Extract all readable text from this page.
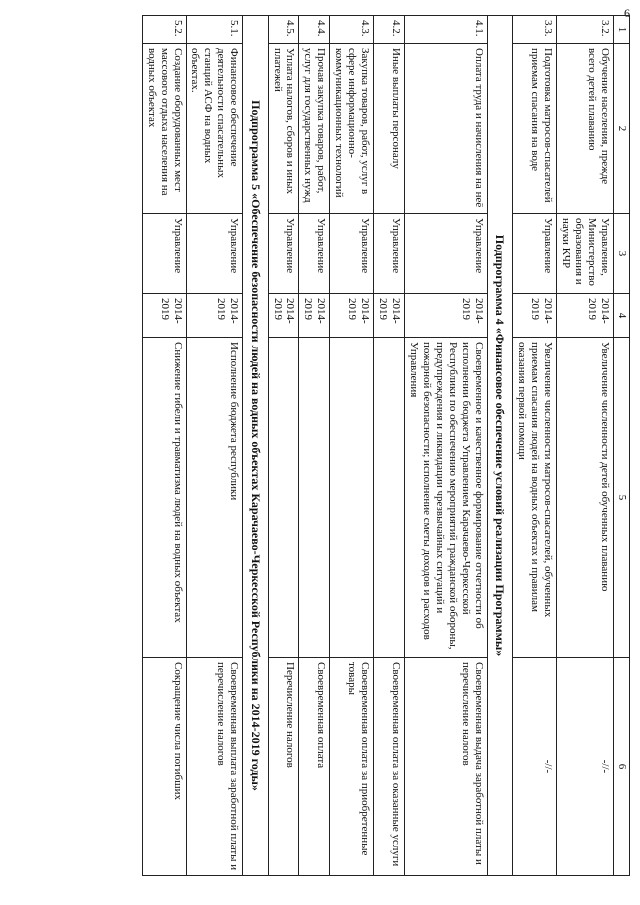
6
1	2	3	4	5	6
3.2.	Обучение населения, прежде всего детей плаванию	Управление, Министерство образования и науки КЧР	2014-2019	Увеличение численности детей обученных плаванию	-//-
3.3.	Подготовка матросов-спасателей приемам спасания на воде	Управление	2014-2019	Увеличение численности матросов-спасателей, обученных приемам спасания людей на водных объектах и правилам оказания первой помощи	-//-
Подпрограмма 4 «Финансовое обеспечение условий реализации Программы»					
4.1.	Оплата труда и начисления на неё	Управление	2014-2019	Своевременное и качественное формирование отчетности об исполнении бюджета Управлением Карачаево-Черкесской Республики по обеспечению мероприятий гражданской обороны, предупреждения и ликвидации чрезвычайных ситуаций и пожарной безопасности; исполнение сметы доходов и расходов Управления	Своевременная выдача заработной платы и перечисление налогов
4.2.	Иные выплаты персоналу	Управление	2014-2019		Своевременная оплата за оказанные услуги
4.3.	Закупка товаров, работ, услуг в сфере информационно-коммуникационных технологий	Управление	2014-2019		Своевременная оплата за приобретенные товары
4.4.	Прочая закупка товаров, работ, услуг для государственных нужд	Управление	2014-2019		Своевременная оплата
4.5.	Уплата налогов, сборов и иных платежей	Управление	2014-2019		Перечисление налогов
Подпрограмма 5 «Обеспечение безопасности людей на водных объектах Карачаево-Черкесской Республики на 2014-2019 годы»					
5.1.	Финансовое обеспечение деятельности спасательных станций АСФ на водных объектах.	Управление	2014-2019	Исполнение бюджета республики	Своевременная выплата заработной платы и перечисление налогов
5.2.	Создание оборудованных мест массового отдыха населения на водных объектах	Управление	2014-2019	Снижение гибели и травматизма людей на водных объектах	Сокращение числа погибших
